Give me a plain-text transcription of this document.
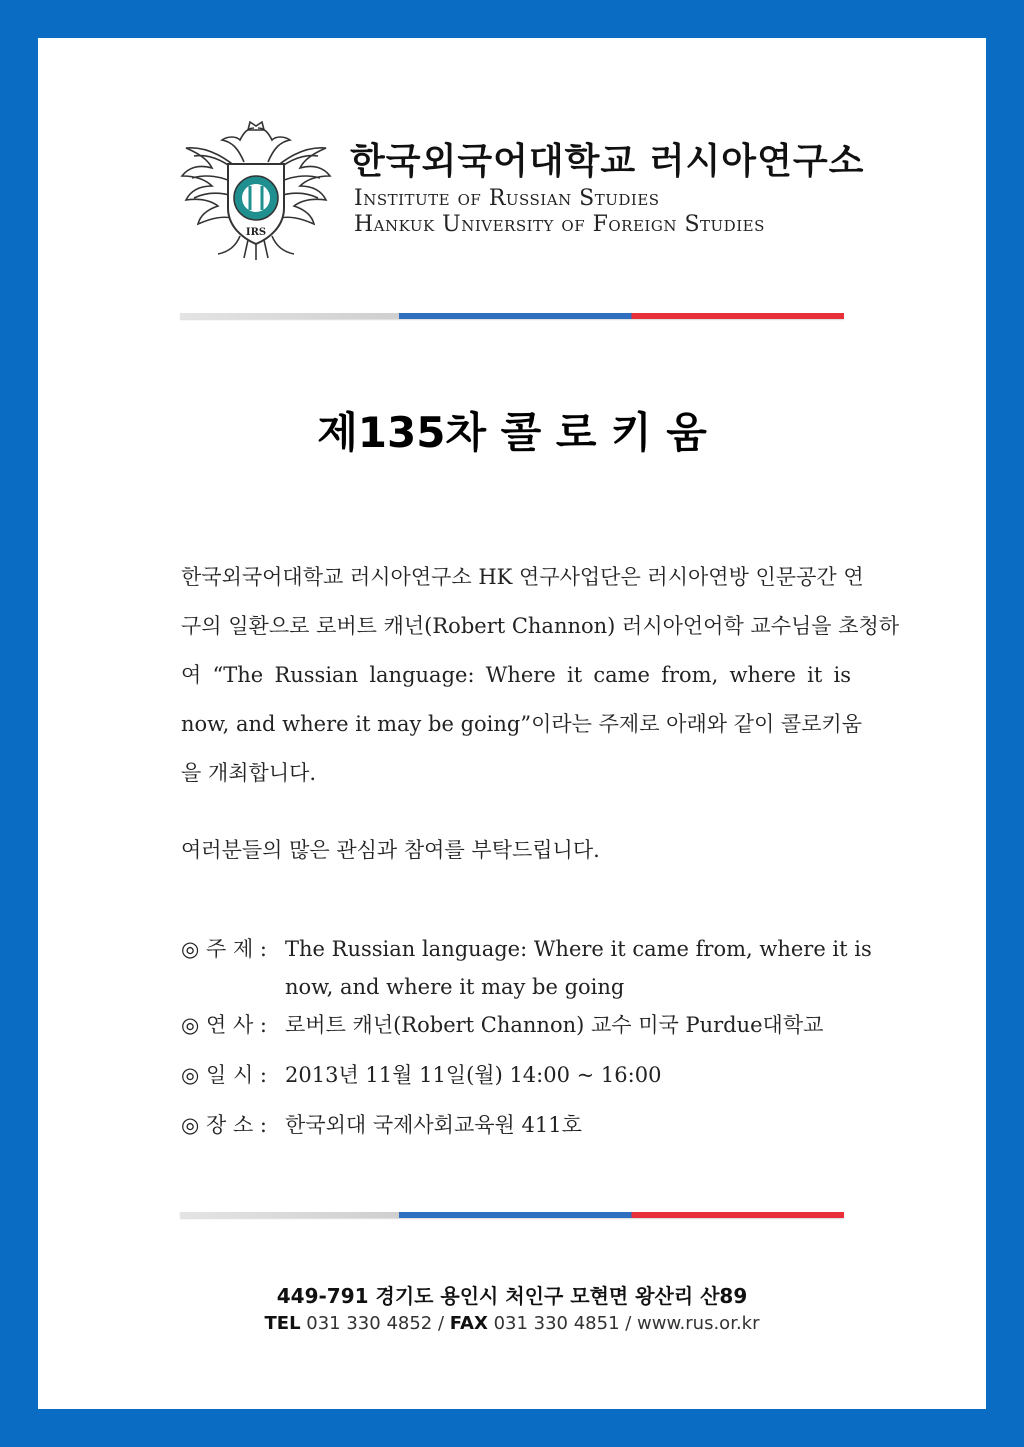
IRS
한국외국어대학교 러시아연구소
Institute of Russian Studies
Hankuk University of Foreign Studies
제135차 콜 로 키 움
한국외국어대학교 러시아연구소 HK 연구사업단은 러시아연방 인문공간 연
구의 일환으로 로버트 캐넌(Robert Channon) 러시아언어학 교수님을 초청하
여 “The Russian language: Where it came from, where it is
now, and where it may be going”이라는 주제로 아래와 같이 콜로키움
을 개최합니다.
여러분들의 많은 관심과 참여를 부탁드립니다.
◎ 주 제 : The Russian language: Where it came from, where it is
now, and where it may be going
◎ 연 사 : 로버트 캐넌(Robert Channon) 교수 미국 Purdue대학교
◎ 일 시 : 2013년 11월 11일(월) 14:00 ~ 16:00
◎ 장 소 : 한국외대 국제사회교육원 411호
449-791 경기도 용인시 처인구 모현면 왕산리 산89
TEL 031 330 4852 / FAX 031 330 4851 / www.rus.or.kr
